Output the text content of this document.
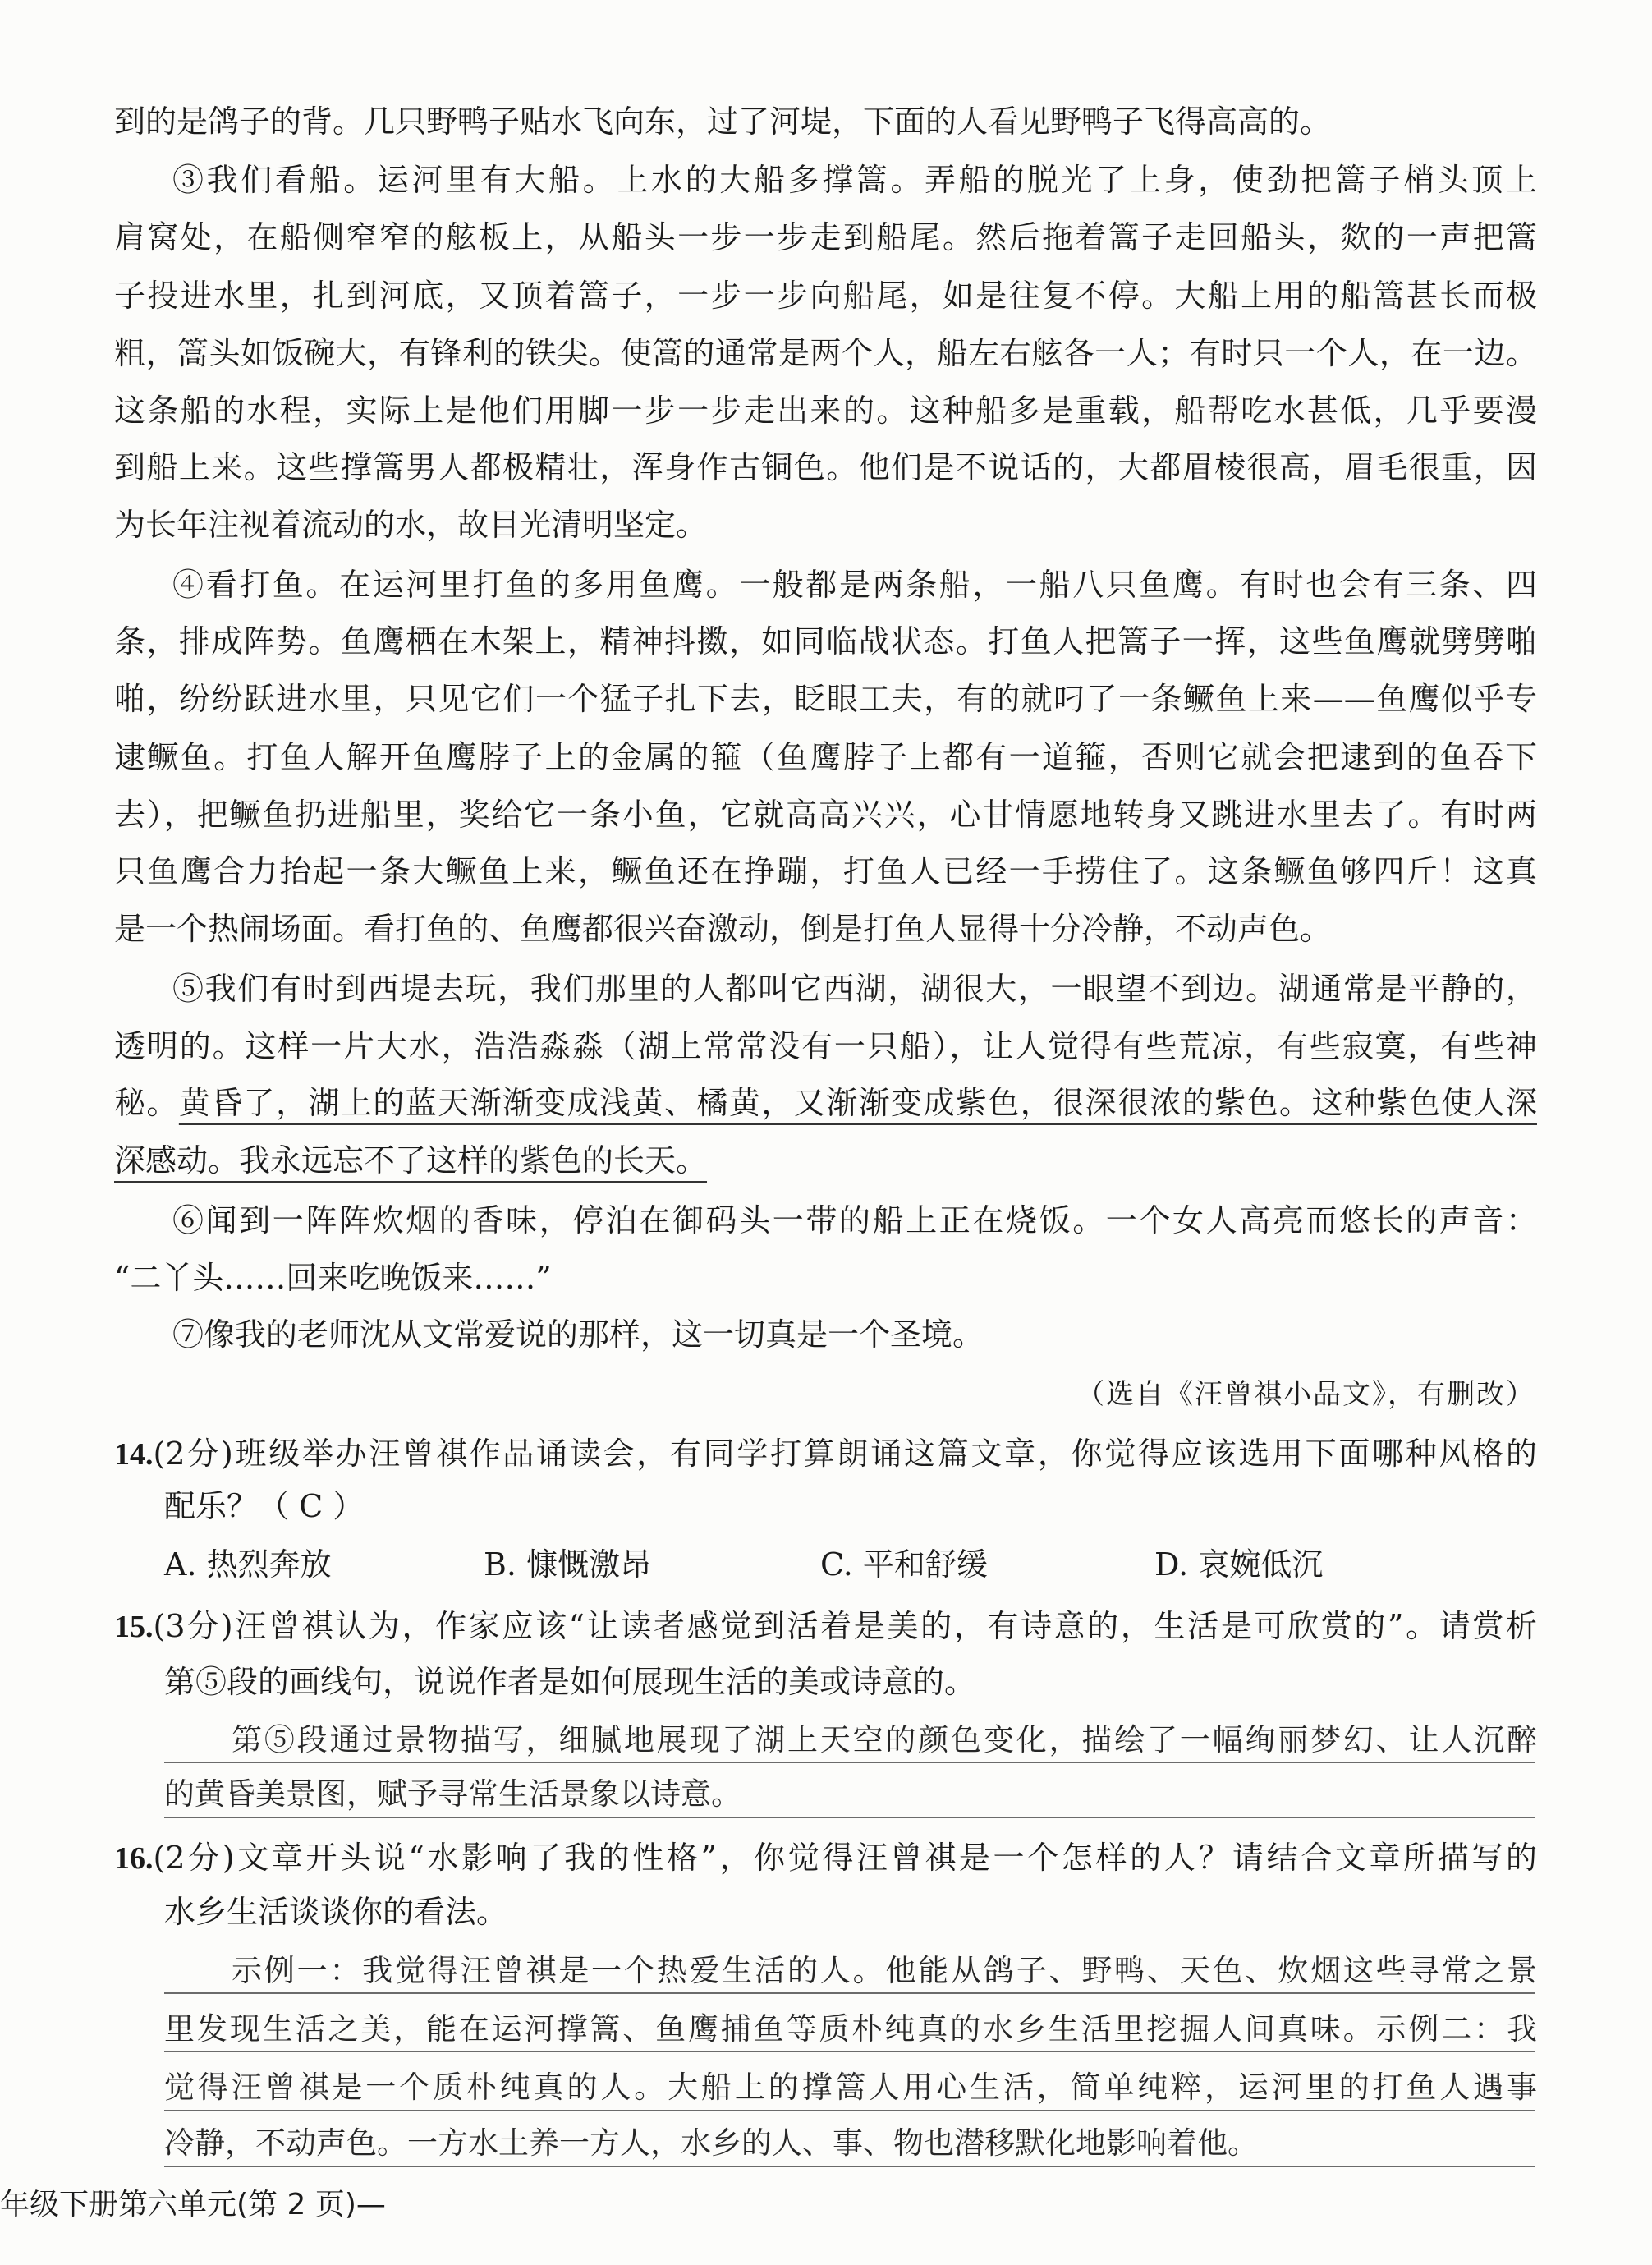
到的是鸽子的背。几只野鸭子贴水飞向东，过了河堤，下面的人看见野鸭子飞得高高的。
③我们看船。运河里有大船。上水的大船多撑篙。弄船的脱光了上身，使劲把篙子梢头顶上
肩窝处，在船侧窄窄的舷板上，从船头一步一步走到船尾。然后拖着篙子走回船头，欻的一声把篙
子投进水里，扎到河底，又顶着篙子，一步一步向船尾，如是往复不停。大船上用的船篙甚长而极
粗，篙头如饭碗大，有锋利的铁尖。使篙的通常是两个人，船左右舷各一人；有时只一个人，在一边。
这条船的水程，实际上是他们用脚一步一步走出来的。这种船多是重载，船帮吃水甚低，几乎要漫
到船上来。这些撑篙男人都极精壮，浑身作古铜色。他们是不说话的，大都眉棱很高，眉毛很重，因
为长年注视着流动的水，故目光清明坚定。
④看打鱼。在运河里打鱼的多用鱼鹰。一般都是两条船，一船八只鱼鹰。有时也会有三条、四
条，排成阵势。鱼鹰栖在木架上，精神抖擞，如同临战状态。打鱼人把篙子一挥，这些鱼鹰就劈劈啪
啪，纷纷跃进水里，只见它们一个猛子扎下去，眨眼工夫，有的就叼了一条鳜鱼上来——鱼鹰似乎专
逮鳜鱼。打鱼人解开鱼鹰脖子上的金属的箍（鱼鹰脖子上都有一道箍，否则它就会把逮到的鱼吞下
去），把鳜鱼扔进船里，奖给它一条小鱼，它就高高兴兴，心甘情愿地转身又跳进水里去了。有时两
只鱼鹰合力抬起一条大鳜鱼上来，鳜鱼还在挣蹦，打鱼人已经一手捞住了。这条鳜鱼够四斤！这真
是一个热闹场面。看打鱼的、鱼鹰都很兴奋激动，倒是打鱼人显得十分冷静，不动声色。
⑤我们有时到西堤去玩，我们那里的人都叫它西湖，湖很大，一眼望不到边。湖通常是平静的，
透明的。这样一片大水，浩浩淼淼（湖上常常没有一只船），让人觉得有些荒凉，有些寂寞，有些神
秘。黄昏了，湖上的蓝天渐渐变成浅黄、橘黄，又渐渐变成紫色，很深很浓的紫色。这种紫色使人深
深感动。我永远忘不了这样的紫色的长天。
⑥闻到一阵阵炊烟的香味，停泊在御码头一带的船上正在烧饭。一个女人高亮而悠长的声音：
“二丫头……回来吃晚饭来……”
⑦像我的老师沈从文常爱说的那样，这一切真是一个圣境。
（选自《汪曾祺小品文》，有删改）
14.(2分)班级举办汪曾祺作品诵读会，有同学打算朗诵这篇文章，你觉得应该选用下面哪种风格的
配乐？（ C ）
A. 热烈奔放	B. 慷慨激昂	C. 平和舒缓	D. 哀婉低沉
15.(3分)汪曾祺认为，作家应该“让读者感觉到活着是美的，有诗意的，生活是可欣赏的”。请赏析
第⑤段的画线句，说说作者是如何展现生活的美或诗意的。
第⑤段通过景物描写，细腻地展现了湖上天空的颜色变化，描绘了一幅绚丽梦幻、让人沉醉
的黄昏美景图，赋予寻常生活景象以诗意。
16.(2分)文章开头说“水影响了我的性格”，你觉得汪曾祺是一个怎样的人？请结合文章所描写的
水乡生活谈谈你的看法。
示例一：我觉得汪曾祺是一个热爱生活的人。他能从鸽子、野鸭、天色、炊烟这些寻常之景
里发现生活之美，能在运河撑篙、鱼鹰捕鱼等质朴纯真的水乡生活里挖掘人间真味。示例二：我
觉得汪曾祺是一个质朴纯真的人。大船上的撑篙人用心生活，简单纯粹，运河里的打鱼人遇事
冷静，不动声色。一方水土养一方人，水乡的人、事、物也潜移默化地影响着他。
年级下册第六单元(第 2 页)—
